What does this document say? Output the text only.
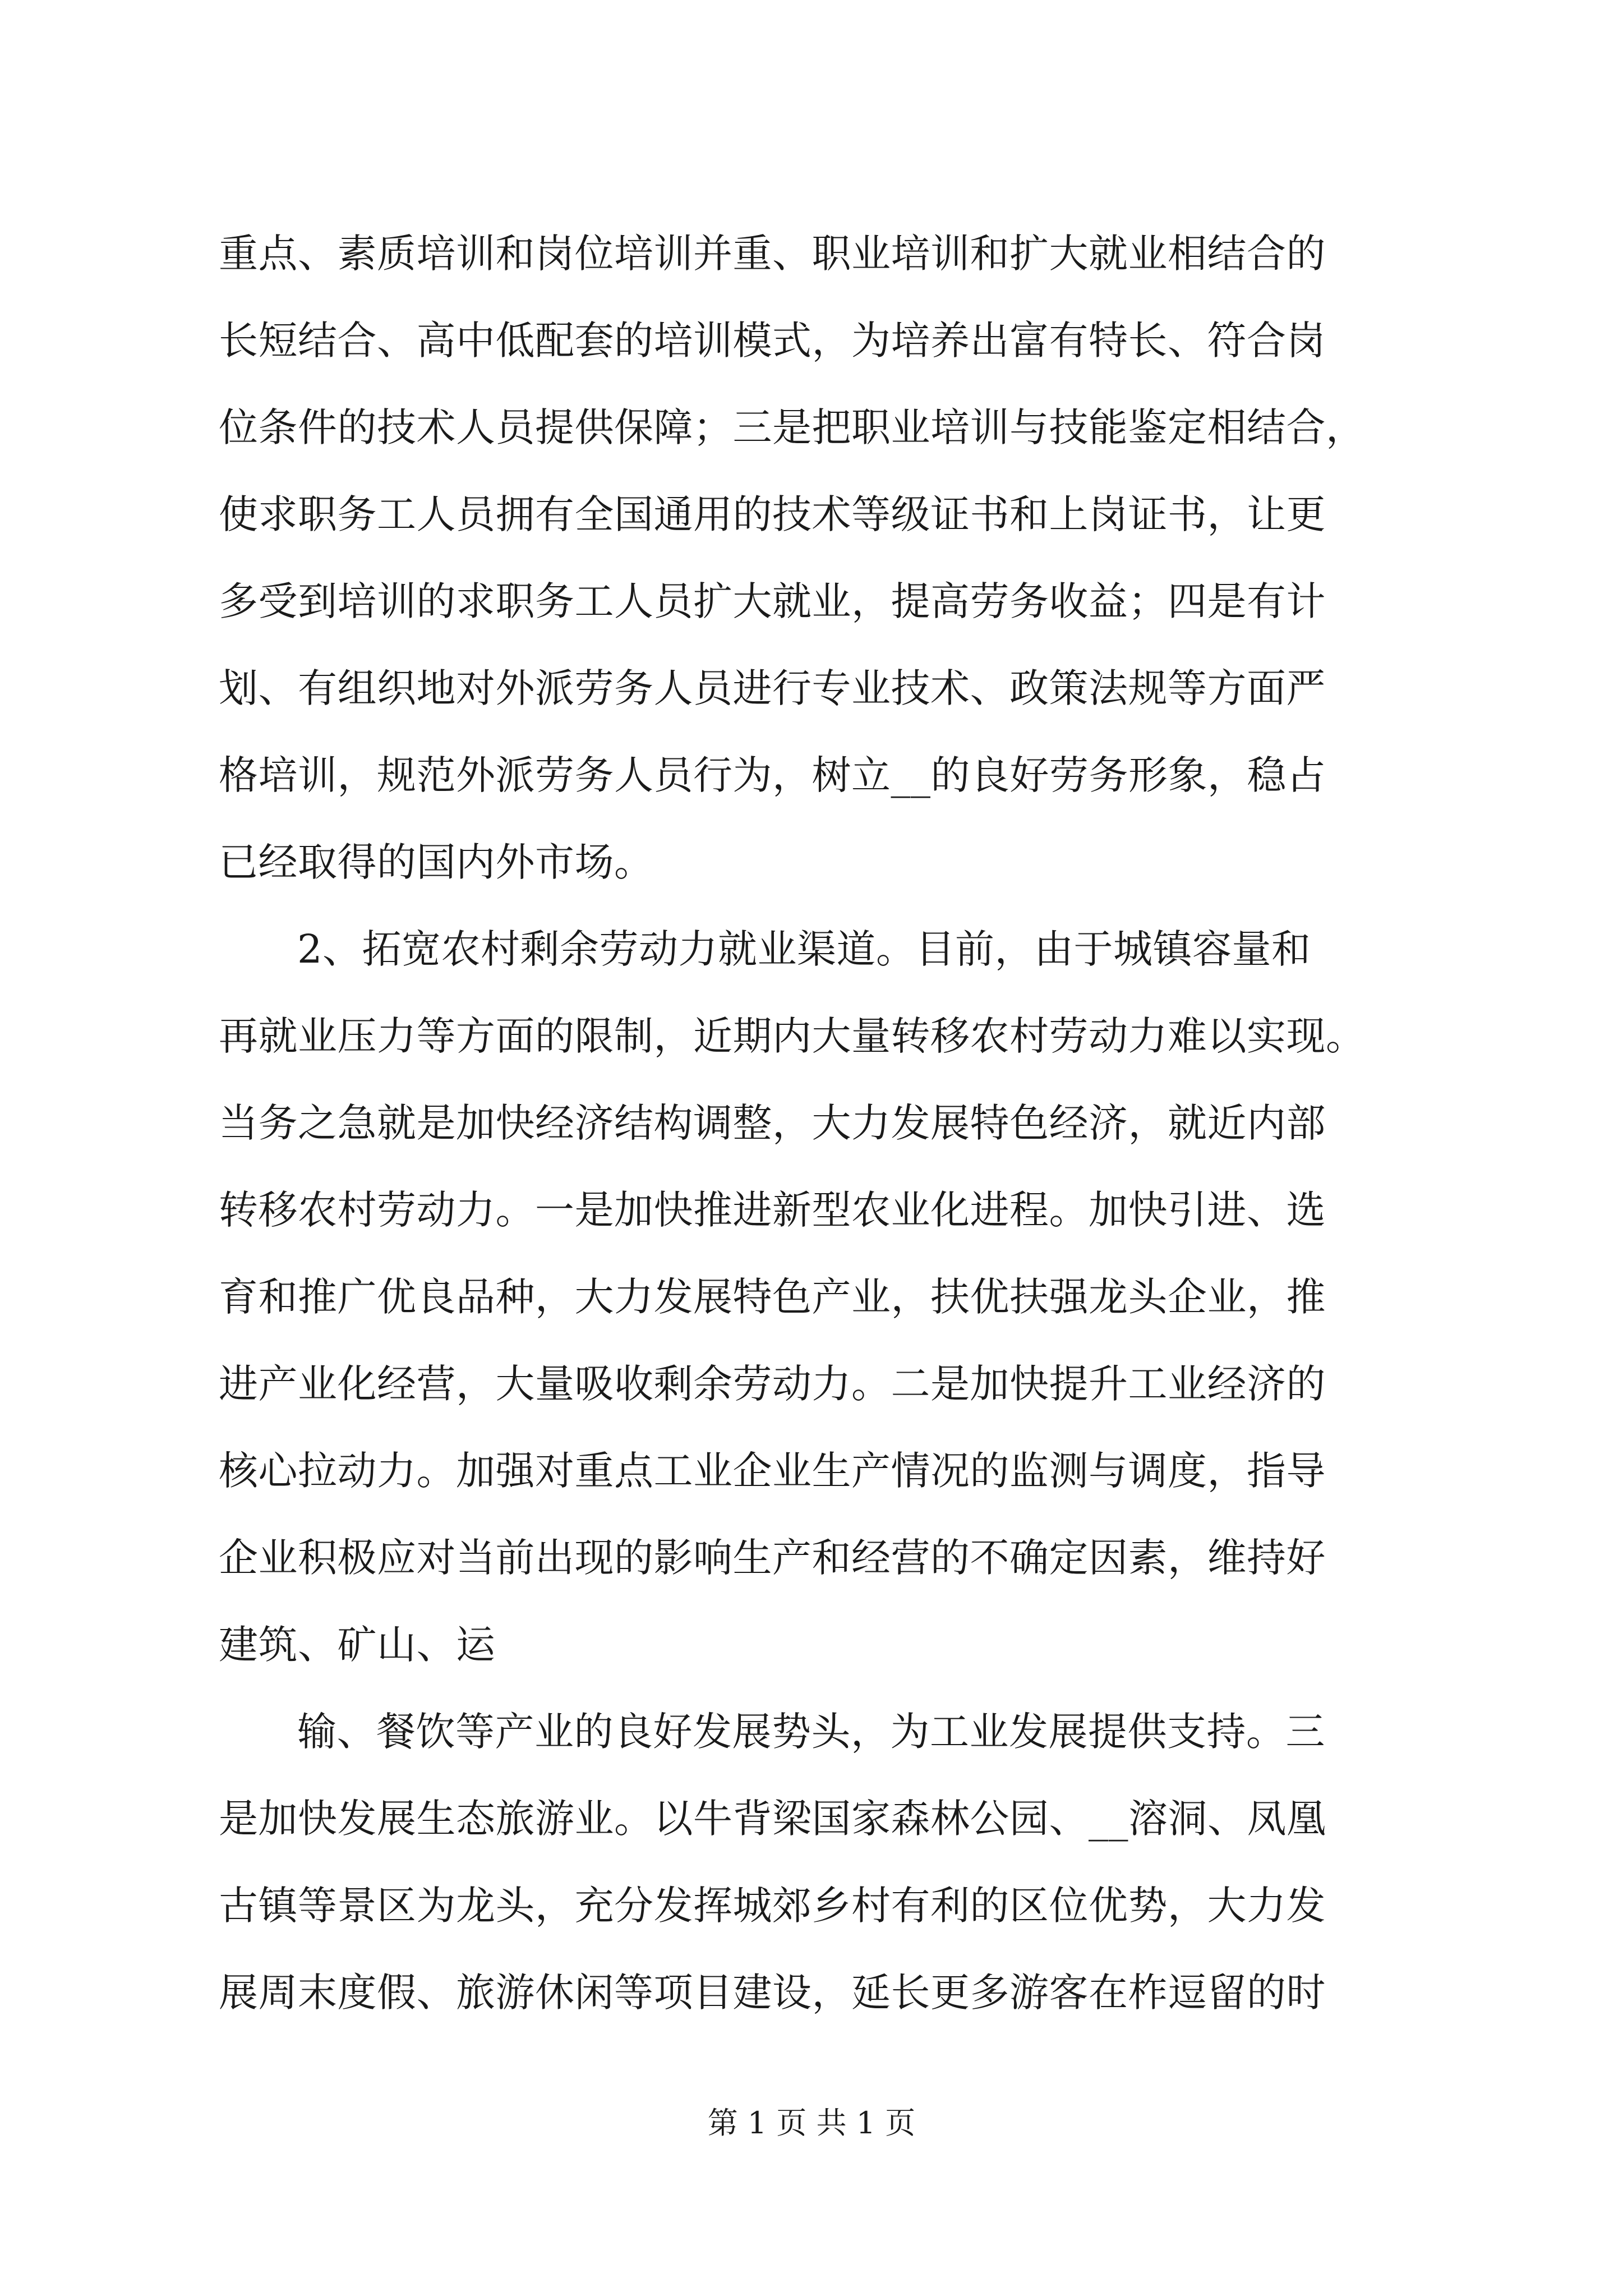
重点、素质培训和岗位培训并重、职业培训和扩大就业相结合的
长短结合、高中低配套的培训模式，为培养出富有特长、符合岗
位条件的技术人员提供保障；三是把职业培训与技能鉴定相结合，
使求职务工人员拥有全国通用的技术等级证书和上岗证书，让更
多受到培训的求职务工人员扩大就业，提高劳务收益；四是有计
划、有组织地对外派劳务人员进行专业技术、政策法规等方面严
格培训，规范外派劳务人员行为，树立__的良好劳务形象，稳占
已经取得的国内外市场。
2、拓宽农村剩余劳动力就业渠道。目前，由于城镇容量和
再就业压力等方面的限制，近期内大量转移农村劳动力难以实现。
当务之急就是加快经济结构调整，大力发展特色经济，就近内部
转移农村劳动力。一是加快推进新型农业化进程。加快引进、选
育和推广优良品种，大力发展特色产业，扶优扶强龙头企业，推
进产业化经营，大量吸收剩余劳动力。二是加快提升工业经济的
核心拉动力。加强对重点工业企业生产情况的监测与调度，指导
企业积极应对当前出现的影响生产和经营的不确定因素，维持好
建筑、矿山、运
输、餐饮等产业的良好发展势头，为工业发展提供支持。三
是加快发展生态旅游业。以牛背梁国家森林公园、__溶洞、凤凰
古镇等景区为龙头，充分发挥城郊乡村有利的区位优势，大力发
展周末度假、旅游休闲等项目建设，延长更多游客在柞逗留的时
第 1 页 共 1 页
